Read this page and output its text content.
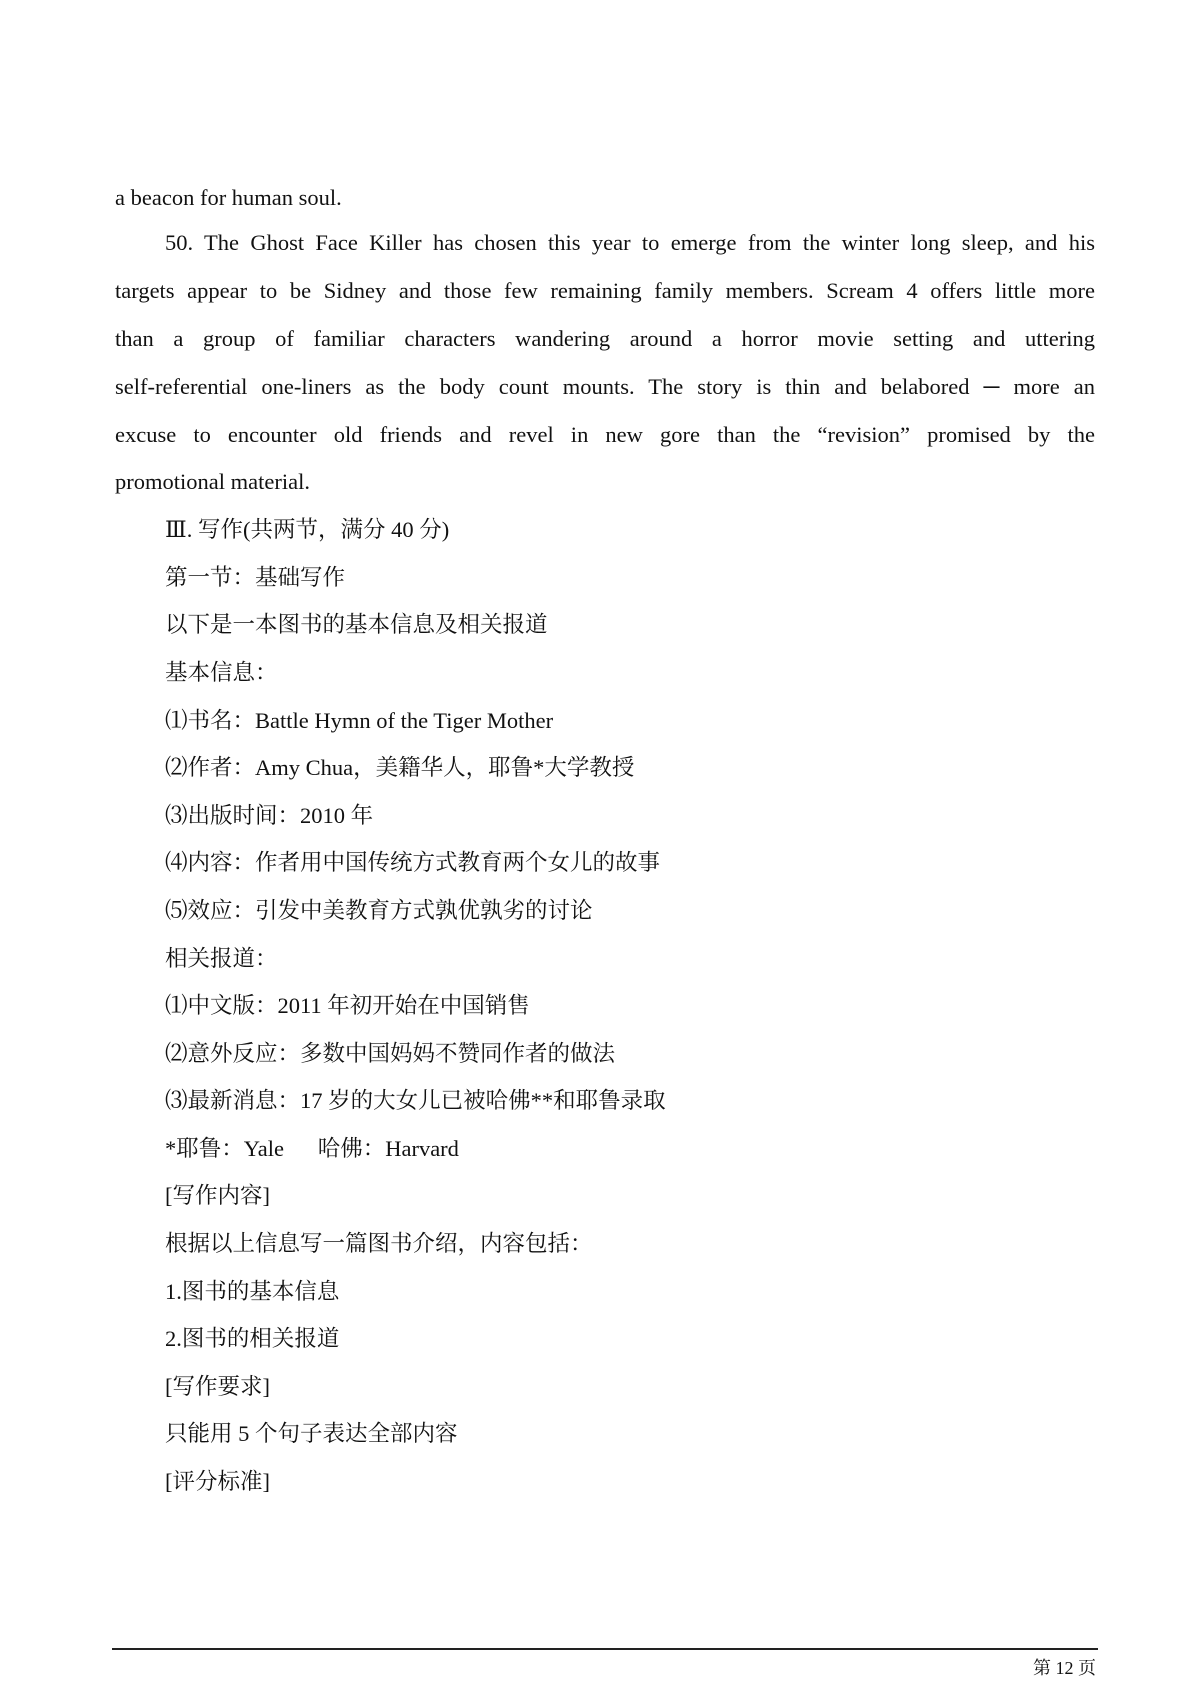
a beacon for human soul.
50. The Ghost Face Killer has chosen this year to emerge from the winter long sleep, and his
targets appear to be Sidney and those few remaining family members. Scream 4 offers little more
than a group of familiar characters wandering around a horror movie setting and uttering
self-referential one-liners as the body count mounts. The story is thin and belabored ─ more an
excuse to encounter old friends and revel in new gore than the “revision” promised by the
promotional material.
Ⅲ. 写作(共两节，满分 40 分)
第一节：基础写作
以下是一本图书的基本信息及相关报道
基本信息：
⑴书名：Battle Hymn of the Tiger Mother
⑵作者：Amy Chua，美籍华人，耶鲁*大学教授
⑶出版时间：2010 年
⑷内容：作者用中国传统方式教育两个女儿的故事
⑸效应：引发中美教育方式孰优孰劣的讨论
相关报道：
⑴中文版：2011 年初开始在中国销售
⑵意外反应：多数中国妈妈不赞同作者的做法
⑶最新消息：17 岁的大女儿已被哈佛**和耶鲁录取
*耶鲁：Yale      哈佛：Harvard
[写作内容]
根据以上信息写一篇图书介绍，内容包括：
1.图书的基本信息
2.图书的相关报道
[写作要求]
只能用 5 个句子表达全部内容
[评分标准]
第 12 页
